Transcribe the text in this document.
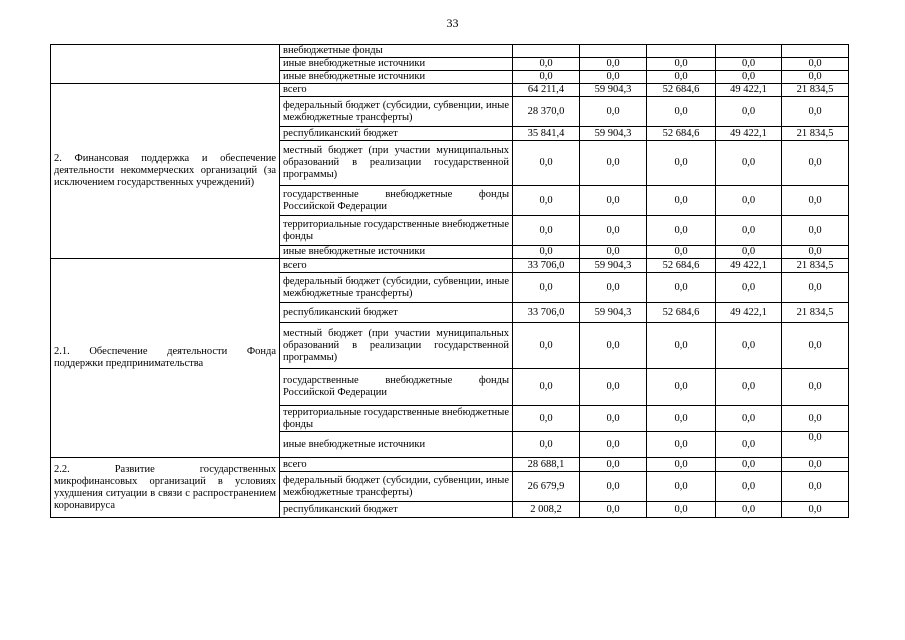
33
	внебюджетные фонды					
	иные внебюджетные источники	0,0	0,0	0,0	0,0	0,0
	иные внебюджетные источники	0,0	0,0	0,0	0,0	0,0
2. Финансовая поддержка и обеспечение деятельности некоммерческих организаций (за исключением государственных учреждений)	всего	64 211,4	59 904,3	52 684,6	49 422,1	21 834,5
	федеральный бюджет (субсидии, субвенции, иные межбюджетные трансферты)	28 370,0	0,0	0,0	0,0	0,0
	республиканский бюджет	35 841,4	59 904,3	52 684,6	49 422,1	21 834,5
	местный бюджет (при участии муниципальных образований в реализации государственной программы)	0,0	0,0	0,0	0,0	0,0
	государственные внебюджетные фонды Российской Федерации	0,0	0,0	0,0	0,0	0,0
	территориальные государственные внебюджетные фонды	0,0	0,0	0,0	0,0	0,0
	иные внебюджетные источники	0,0	0,0	0,0	0,0	0,0
2.1. Обеспечение деятельности Фонда поддержки предпринимательства	всего	33 706,0	59 904,3	52 684,6	49 422,1	21 834,5
	федеральный бюджет (субсидии, субвенции, иные межбюджетные трансферты)	0,0	0,0	0,0	0,0	0,0
	республиканский бюджет	33 706,0	59 904,3	52 684,6	49 422,1	21 834,5
	местный бюджет (при участии муниципальных образований в реализации государственной программы)	0,0	0,0	0,0	0,0	0,0
	государственные внебюджетные фонды Российской Федерации	0,0	0,0	0,0	0,0	0,0
	территориальные государственные внебюджетные фонды	0,0	0,0	0,0	0,0	0,0
	иные внебюджетные источники	0,0	0,0	0,0	0,0	0,0
2.2. Развитие государственных микрофинансовых организаций в условиях ухудшения ситуации в связи с распространением коронавируса	всего	28 688,1	0,0	0,0	0,0	0,0
	федеральный бюджет (субсидии, субвенции, иные межбюджетные трансферты)	26 679,9	0,0	0,0	0,0	0,0
	республиканский бюджет	2 008,2	0,0	0,0	0,0	0,0
